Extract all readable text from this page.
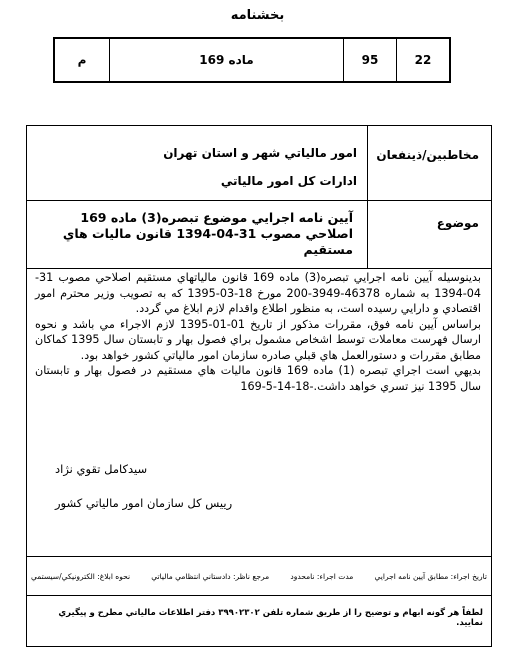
بخشنامه
22
95
ماده 169
م
مخاطبين/ذينفعان
امور مالياتي شهر و استان تهران
ادارات كل امور مالياتي
موضوع
آيين نامه اجرايي موضوع تبصره(3) ماده 169 اصلاحي مصوب 31-04-1394 قانون ماليات هاي مستقيم
بدينوسيله آيين نامه اجرايي تبصره(3) ماده 169 قانون مالياتهاي مستقيم اصلاحي مصوب 31-04-1394 به شماره 46378-3949-200 مورخ 18-03-1395 كه به تصويب وزير محترم امور اقتصادي و دارايي رسيده است، به منظور اطلاع واقدام لازم ابلاغ مي گردد.
براساس آيين نامه فوق، مقررات مذكور از تاريخ 01-01-1395 لازم الاجراء مي باشد و نحوه ارسال فهرست معاملات توسط اشخاص مشمول براي فصول بهار و تابستان سال 1395 كماكان مطابق مقررات و دستورالعمل هاي قبلي صادره سازمان امور مالياتي كشور خواهد بود.
بديهي است اجراي تبصره (1) ماده 169 قانون ماليات هاي مستقيم در فصول بهار و تابستان سال 1395 نيز تسري خواهد داشت.-18-14-5-169
سيدكامل تقوي نژاد
رييس كل سازمان امور مالياتي كشور
تاريخ اجراء: مطابق آيين نامه اجرايي
مدت اجراء: نامحدود
مرجع ناظر: دادستاني انتظامي مالياتي
نحوه ابلاغ: الكترونيكي/سيستمي
لطفاً هر گونه ابهام و توضيح را از طريق شماره تلفن ۳۹۹۰۲۳۰۲ دفتر اطلاعات مالياتي مطرح و پيگيري نماييد.
